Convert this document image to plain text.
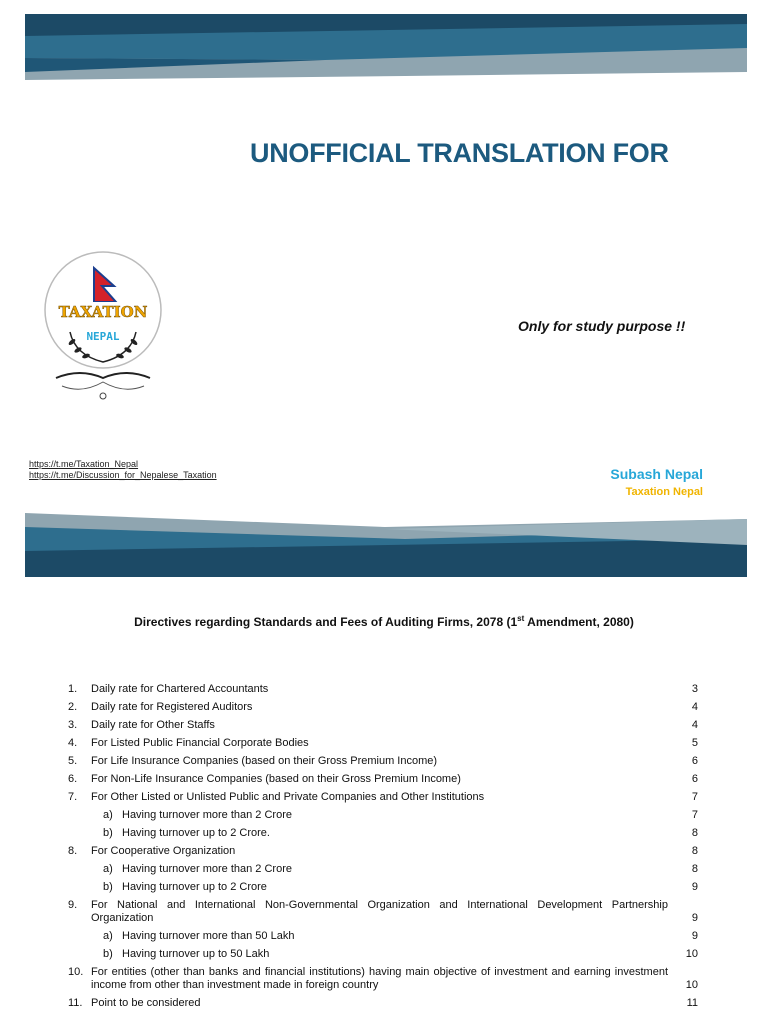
UNOFFICIAL TRANSLATION FOR
TAXATION
NEPAL
Only for study purpose !!
https://t.me/Taxation_Nepal
https://t.me/Discussion_for_Nepalese_Taxation	Subash Nepal
Taxation Nepal
Directives regarding Standards and Fees of Auditing Firms, 2078 (1st Amendment, 2080)
1.	Daily rate for Chartered Accountants	3
2.	Daily rate for Registered Auditors	4
3.	Daily rate for Other Staffs	4
4.	For Listed Public Financial Corporate Bodies	5
5.	For Life Insurance Companies (based on their Gross Premium Income)	6
6.	For Non-Life Insurance Companies (based on their Gross Premium Income)	6
7.	For Other Listed or Unlisted Public and Private Companies and Other Institutions	7
a) Having turnover more than 2 Crore	7
b) Having turnover up to 2 Crore.	8
8.	For Cooperative Organization	8
a) Having turnover more than 2 Crore	8
b) Having turnover up to 2 Crore	9
9.	For National and International Non-Governmental Organization and International Development Partnership Organization	9
a) Having turnover more than 50 Lakh	9
b) Having turnover up to 50 Lakh	10
10. For entities (other than banks and financial institutions) having main objective of investment and earning investment income from other than investment made in foreign country	10
11. Point to be considered	11
